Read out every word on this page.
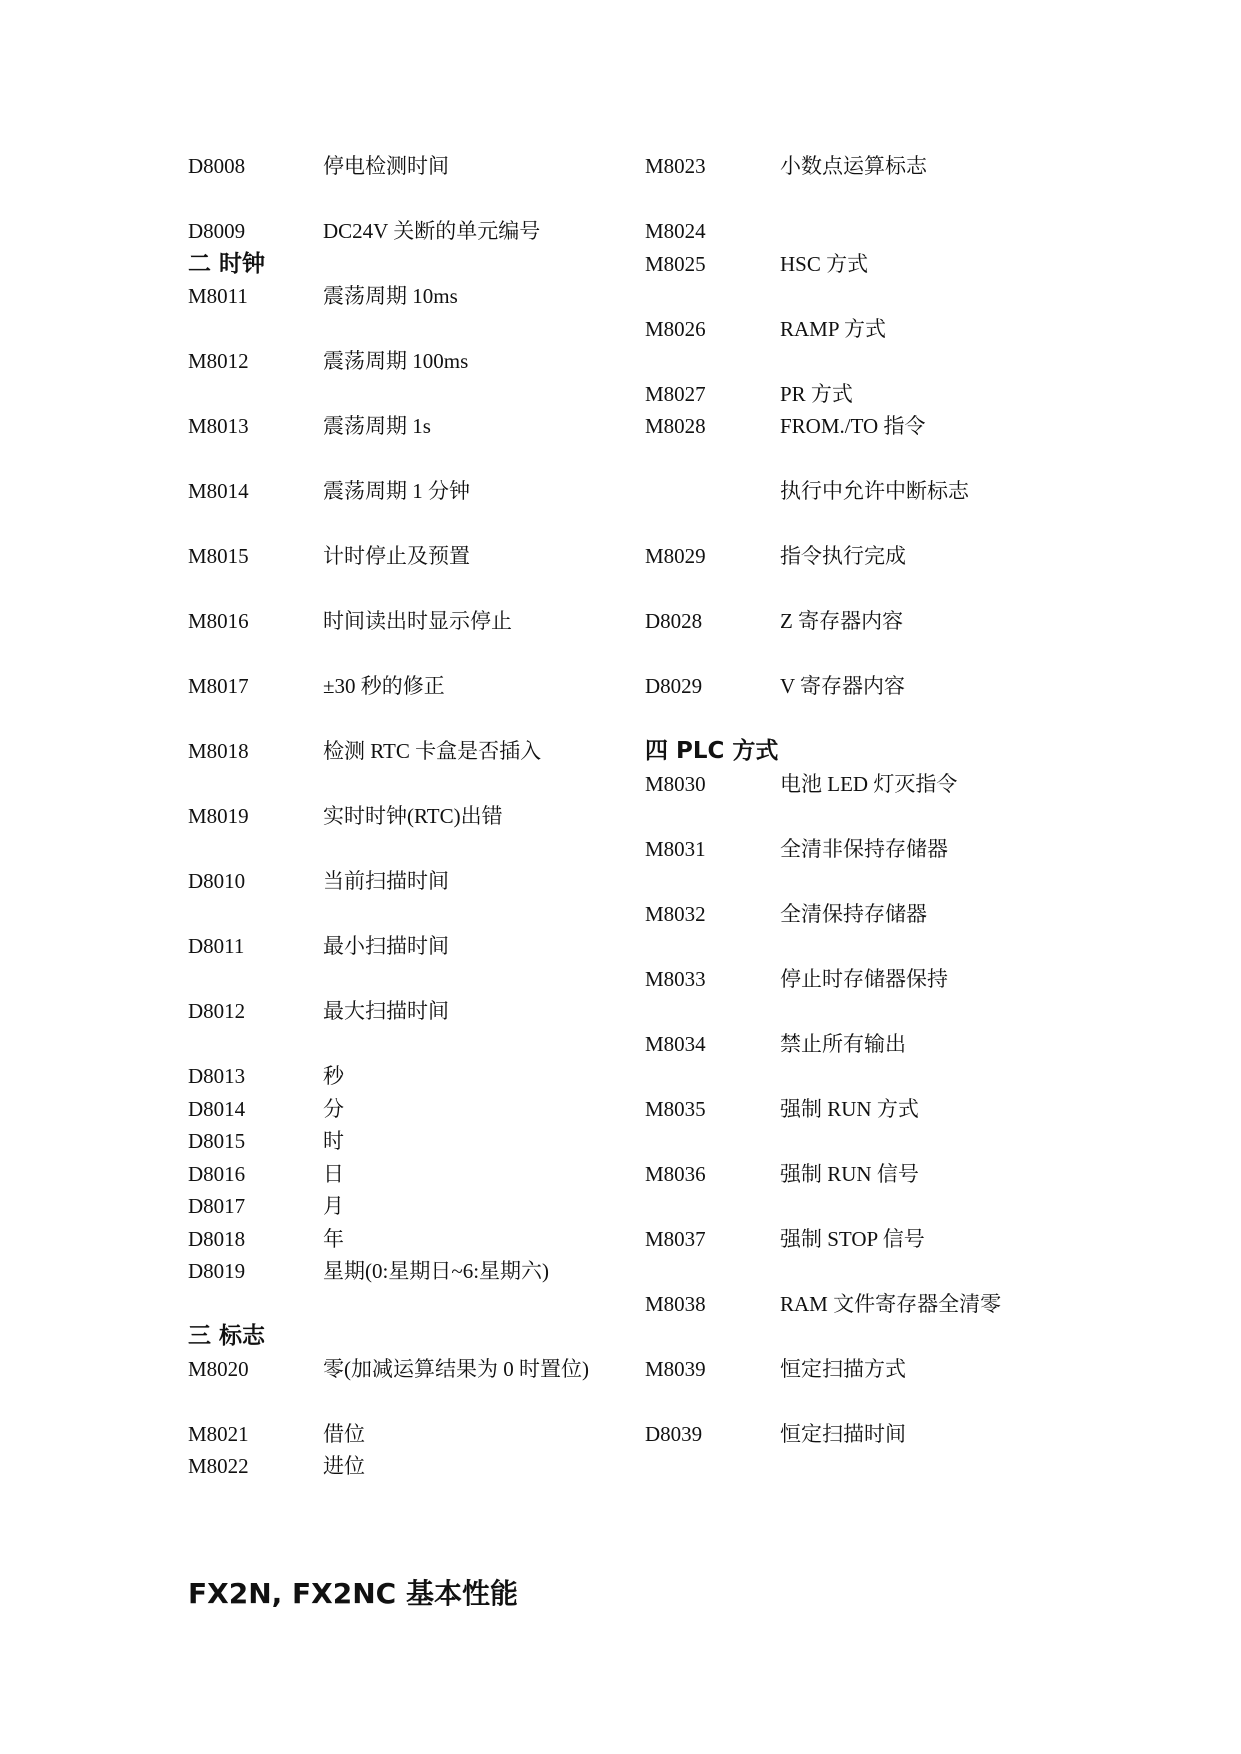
D8008	停电检测时间
D8009	DC24V 关断的单元编号
二 时钟
M8011	震荡周期 10ms
M8012	震荡周期 100ms
M8013	震荡周期 1s
M8014	震荡周期 1 分钟
M8015	计时停止及预置
M8016	时间读出时显示停止
M8017	±30 秒的修正
M8018	检测 RTC 卡盒是否插入
M8019	实时时钟(RTC)出错
D8010	当前扫描时间
D8011	最小扫描时间
D8012	最大扫描时间
D8013	秒
D8014	分
D8015	时
D8016	日
D8017	月
D8018	年
D8019	星期(0:星期日~6:星期六)
三 标志
M8020	零(加减运算结果为 0 时置位)
M8021	借位
M8022	进位
M8023	小数点运算标志
M8024
M8025	HSC 方式
M8026	RAMP 方式
M8027	PR 方式
M8028	FROM./TO 指令
执行中允许中断标志
M8029	指令执行完成
D8028	Z 寄存器内容
D8029	V 寄存器内容
四 PLC 方式
M8030	电池 LED 灯灭指令
M8031	全清非保持存储器
M8032	全清保持存储器
M8033	停止时存储器保持
M8034	禁止所有输出
M8035	强制 RUN 方式
M8036	强制 RUN 信号
M8037	强制 STOP 信号
M8038	RAM 文件寄存器全清零
M8039	恒定扫描方式
D8039	恒定扫描时间
FX2N, FX2NC 基本性能
